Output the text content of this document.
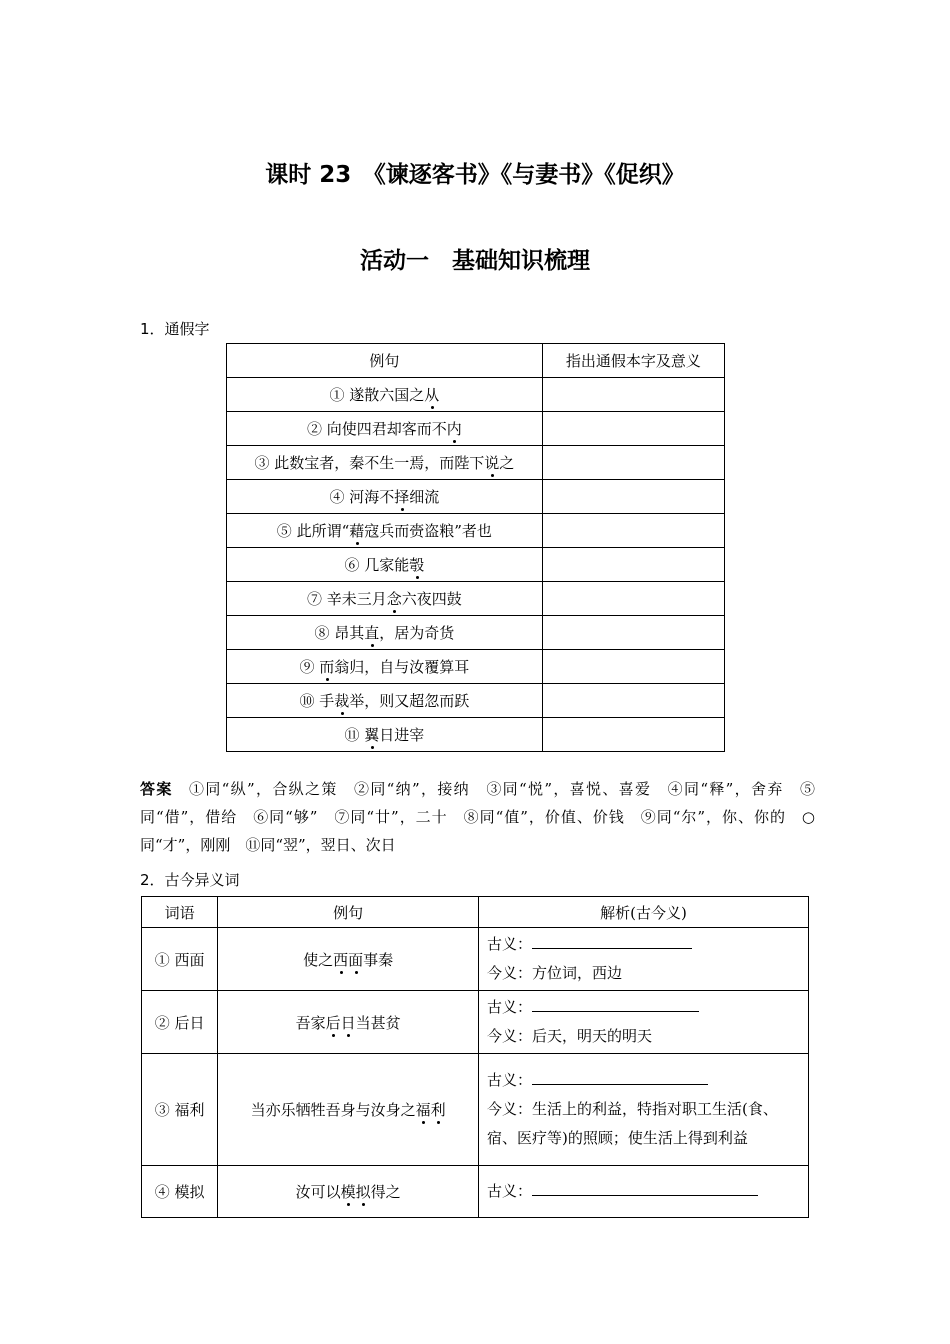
课时 23　《谏逐客书》《与妻书》《促织》
活动一　基础知识梳理
1．通假字
例句	指出通假本字及意义
① 遂散六国之从	
② 向使四君却客而不内	
③ 此数宝者，秦不生一焉，而陛下说之	
④ 河海不择细流	
⑤ 此所谓“藉寇兵而赍盗粮”者也	
⑥ 几家能彀	
⑦ 辛未三月念六夜四鼓	
⑧ 昂其直，居为奇货	
⑨ 而翁归，自与汝覆算耳	
⑩ 手裁举，则又超忽而跃	
⑪ 翼日进宰	
答案　 ①同“纵”，合纵之策　②同“纳”，接纳　③同“悦”，喜悦、喜爱　④同“释”，舍弃　⑤同“借”，借给　⑥同“够”　⑦同“廿”，二十　⑧同“值”，价值、价钱　⑨同“尔”，你、你的　○同“才”，刚刚　⑪同“翌”，翌日、次日
2．古今异义词
词语	例句	解析(古今义)
① 西面	使之西面事秦	古义：
今义：方位词，西边

② 后日	吾家后日当甚贫	古义：
今义：后天，明天的明天

③ 福利	当亦乐牺牲吾身与汝身之福利	古义：
今义：生活上的利益，特指对职工生活(食、宿、医疗等)的照顾；使生活上得到利益

④ 模拟	汝可以模拟得之	古义：
